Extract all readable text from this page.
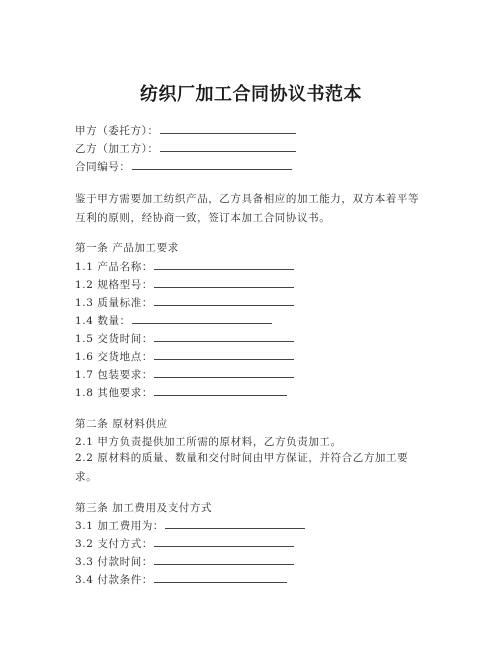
纺织厂加工合同协议书范本
甲方（委托方）：
乙方（加工方）：
合同编号：
鉴于甲方需要加工纺织产品，乙方具备相应的加工能力，双方本着平等互利的原则，经协商一致，签订本加工合同协议书。
第一条 产品加工要求
1.1 产品名称：
1.2 规格型号：
1.3 质量标准：
1.4 数量：
1.5 交货时间：
1.6 交货地点：
1.7 包装要求：
1.8 其他要求：
第二条 原材料供应
2.1 甲方负责提供加工所需的原材料，乙方负责加工。
2.2 原材料的质量、数量和交付时间由甲方保证，并符合乙方加工要求。
第三条 加工费用及支付方式
3.1 加工费用为：
3.2 支付方式：
3.3 付款时间：
3.4 付款条件：
